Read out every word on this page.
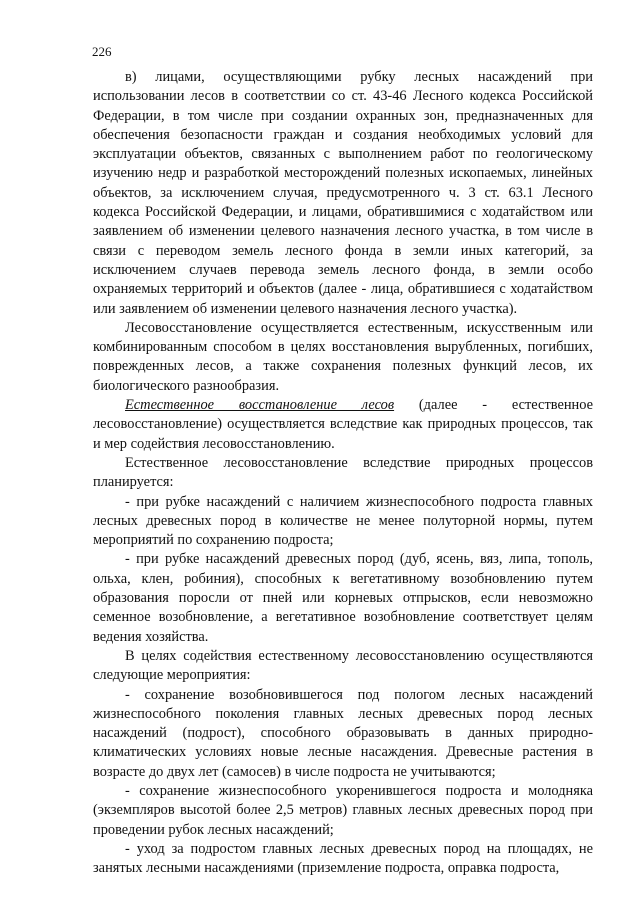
226

в) лицами, осуществляющими рубку лесных насаждений при использовании лесов в соответствии со ст. 43-46 Лесного кодекса Российской Федерации, в том числе при создании охранных зон, предназначенных для обеспечения безопасности граждан и создания необходимых условий для эксплуатации объектов, связанных с выполнением работ по геологическому изучению недр и разработкой месторождений полезных ископаемых, линейных объектов, за исключением случая, предусмотренного ч. 3 ст. 63.1 Лесного кодекса Российской Федерации, и лицами, обратившимися с ходатайством или заявлением об изменении целевого назначения лесного участка, в том числе в связи с переводом земель лесного фонда в земли иных категорий, за исключением случаев перевода земель лесного фонда, в земли особо охраняемых территорий и объектов (далее - лица, обратившиеся с ходатайством или заявлением об изменении целевого назначения лесного участка).

Лесовосстановление осуществляется естественным, искусственным или комбинированным способом в целях восстановления вырубленных, погибших, поврежденных лесов, а также сохранения полезных функций лесов, их биологического разнообразия.

Естественное восстановление лесов (далее - естественное лесовосстановление) осуществляется вследствие как природных процессов, так и мер содействия лесовосстановлению.

Естественное лесовосстановление вследствие природных процессов планируется:

- при рубке насаждений с наличием жизнеспособного подроста главных лесных древесных пород в количестве не менее полуторной нормы, путем мероприятий по сохранению подроста;

- при рубке насаждений древесных пород (дуб, ясень, вяз, липа, тополь, ольха, клен, робиния), способных к вегетативному возобновлению путем образования поросли от пней или корневых отпрысков, если невозможно семенное возобновление, а вегетативное возобновление соответствует целям ведения хозяйства.

В целях содействия естественному лесовосстановлению осуществляются следующие мероприятия:

- сохранение возобновившегося под пологом лесных насаждений жизнеспособного поколения главных лесных древесных пород лесных насаждений (подрост), способного образовывать в данных природно-климатических условиях новые лесные насаждения. Древесные растения в возрасте до двух лет (самосев) в числе подроста не учитываются;

- сохранение жизнеспособного укоренившегося подроста и молодняка (экземпляров высотой более 2,5 метров) главных лесных древесных пород при проведении рубок лесных насаждений;

- уход за подростом главных лесных древесных пород на площадях, не занятых лесными насаждениями (приземление подроста, оправка подроста,
